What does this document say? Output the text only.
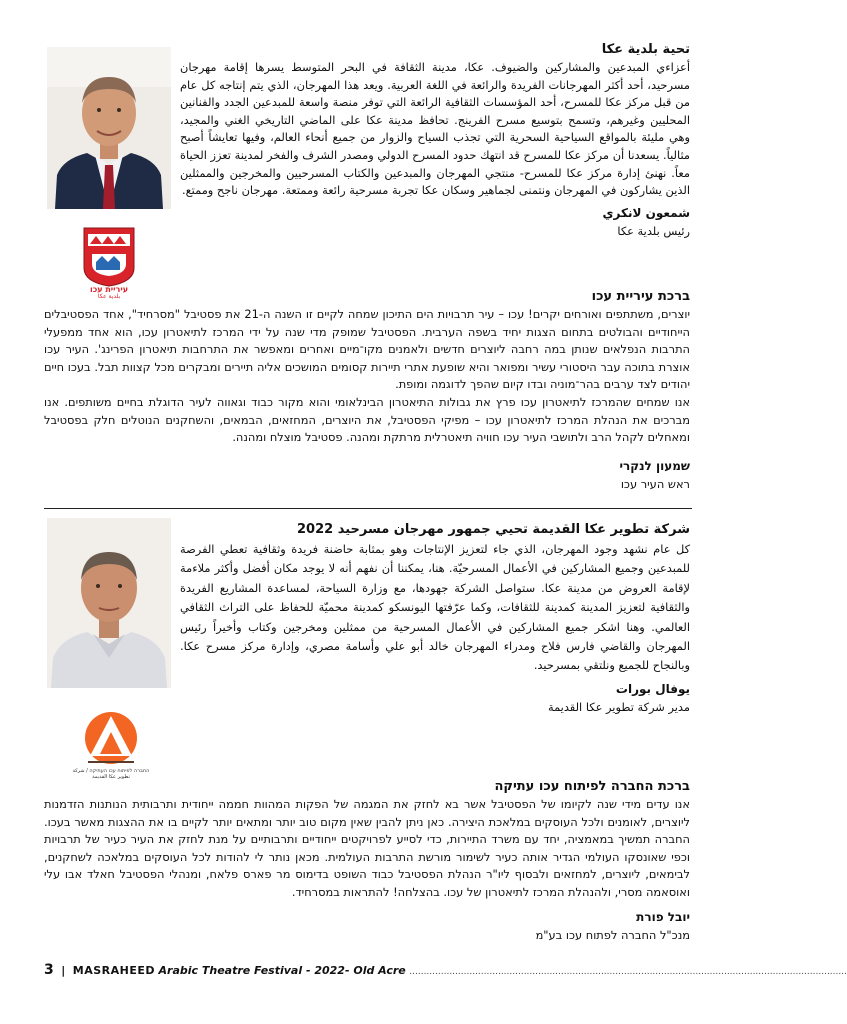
עיריית עכו
بلدية عكا

تحية بلدية عكا

أعزاءي المبدعين والمشاركين والضيوف. عكا، مدينة الثقافة في البحر المتوسط يسرها إقامة مهرجان مسرحيد، أحد أكثر المهرجانات الفريدة والرائعة في اللغة العربية. ويعد هذا المهرجان، الذي يتم إنتاجه كل عام من قبل مركز عكا للمسرح، أحد المؤسسات الثقافية الرائعة التي توفر منصة واسعة للمبدعين الجدد والفنانين المحليين وغيرهم، وتسمح بتوسيع مسرح الفرينج. تحافظ مدينة عكا على الماضي التاريخي الغني والمجيد، وهي مليئة بالمواقع السياحية السحرية التي تجذب السياح والزوار من جميع أنحاء العالم، وفيها تعايشاً أصبح مثالياً. يسعدنا أن مركز عكا للمسرح قد انتهك حدود المسرح الدولي ومصدر الشرف والفخر لمدينة تعزز الحياة معاً. نهنئ إدارة مركز عكا للمسرح- منتجي المهرجان والمبدعين والكتاب المسرحيين والمخرجين والممثلين الذين يشاركون في المهرجان ونتمنى لجماهير وسكان عكا تجربة مسرحية رائعة وممتعة. مهرجان ناجح وممتع.

شمعون لانكري

رئيس بلدية عكا

ברכת עיריית עכו

יוצרים, משתתפים ואורחים יקרים! עכו – עיר תרבויות הים התיכון שמחה לקיים זו השנה ה-21 את פסטיבל "מסרחיד", אחד הפסטיבלים הייחודיים והבולטים בתחום הצגות יחיד בשפה הערבית. הפסטיבל שמופק מדי שנה על ידי המרכז לתיאטרון עכו, הוא אחד ממפעלי התרבות הנפלאים שנותן במה רחבה ליוצרים חדשים ולאמנים מקו־מיים ואחרים ומאפשר את התרחבות תיאטרון הפרינג'. העיר עכו אוצרת בתוכה עבר היסטורי עשיר ומפואר והיא שופעת אתרי תיירות קסומים המושכים אליה תיירים ומבקרים מכל קצוות תבל. בעכו חיים יהודים לצד ערבים בהר־מוניה ובדו קיום שהפך לדוגמה ומופת.

אנו שמחים שהמרכז לתיאטרון עכו פרץ את גבולות התיאטרון הבינלאומי והוא מקור כבוד וגאווה לעיר הדוגלת בחיים משותפים. אנו מברכים את הנהלת המרכז לתיאטרון עכו – מפיקי הפסטיבל, את היוצרים, המחזאים, הבמאים, והשחקנים הנוטלים חלק בפסטיבל ומאחלים לקהל הרב ולתושבי העיר עכו חוויה תיאטרלית מרתקת ומהנה. פסטיבל מוצלח ומהנה.

שמעון לנקרי

ראש העיר עכו

החברה לפיתוח עכו העתיקה / شركة تطوير عكا القديمة

شركة تطوير عكا القديمة تحيي جمهور مهرجان مسرحيد 2022

كل عام نشهد وجود المهرجان، الذي جاء لتعزيز الإنتاجات وهو بمثابة حاضنة فريدة وثقافية تعطي الفرصة للمبدعين وجميع المشاركين في الأعمال المسرحيّة. هنا، يمكننا أن نفهم أنه لا يوجد مكان أفضل وأكثر ملاءمة لإقامة العروض من مدينة عكا. ستواصل الشركة جهودها، مع وزارة السياحة، لمساعدة المشاريع الفريدة والثقافية لتعزيز المدينة كمدينة للثقافات، وكما عرّفتها اليونسكو كمدينة محميّة للحفاظ على التراث الثقافي العالمي. وهنا اشكر جميع المشاركين في الأعمال المسرحية من ممثلين ومخرجين وكتاب وأخيراً رئيس المهرجان والقاضي فارس فلاح ومدراء المهرجان خالد أبو علي وأسامة مصري، وإدارة مركز مسرح عكا. وبالنجاح للجميع ونلتقي بمسرحيد.

يوفال بورات

مدير شركة تطوير عكا القديمة

ברכת החברה לפיתוח עכו עתיקה

אנו עדים מידי שנה לקיומו של הפסטיבל אשר בא לחזק את המגמה של הפקות המהוות חממה ייחודית ותרבותית הנותנות הזדמנות ליוצרים, לאומנים ולכל העוסקים במלאכת היצירה. כאן ניתן להבין שאין מקום טוב יותר ומתאים יותר לקיים בו את ההצגות מאשר בעכו. החברה תמשיך במאמציה, יחד עם משרד התיירות, כדי לסייע לפרויקטים ייחודיים ותרבותיים על מנת לחזק את העיר כעיר של תרבויות וכפי שאונסקו העולמי הגדיר אותה כעיר לשימור מורשת התרבות העולמית. מכאן נותר לי להודות לכל העוסקים במלאכה לשחקנים, לבימאים, ליוצרים, למחזאים ולבסוף ליו"ר הנהלת הפסטיבל כבוד השופט בדימוס מר פארס פלאח, ומנהלי הפסטיבל חאלד אבו עלי ואוסאמה מסרי, ולהנהלת המרכז לתיאטרון של עכו. בהצלחה! להתראות במסרחיד.

יובל פורת

מנכ"ל החברה לפתוח עכו בע"מ

3 | MASRAHEED Arabic Theatre Festival - 2022- Old Acre .........................................................................................................................................................
